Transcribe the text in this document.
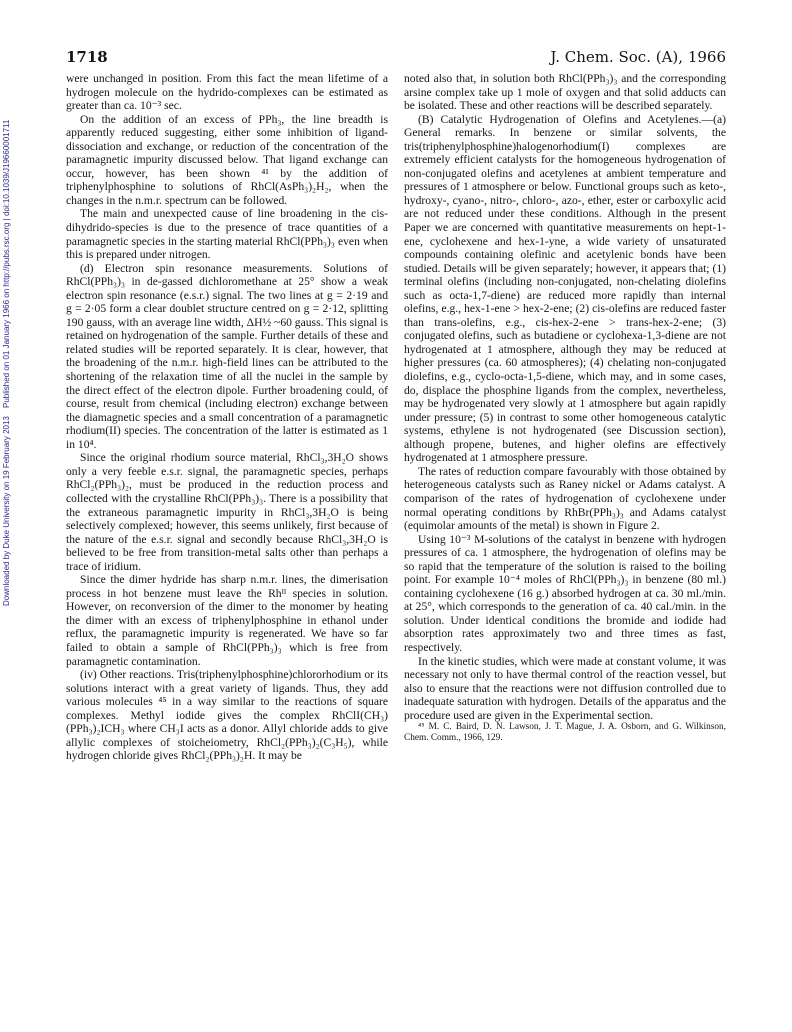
1718	J. Chem. Soc. (A), 1966
Downloaded by Duke University on 19 February 2013
Published on 01 January 1966 on http://pubs.rsc.org | doi:10.1039/J19660001711

were unchanged in position. From this fact the mean lifetime of a hydrogen molecule on the hydrido-complexes can be estimated as greater than ca. 10⁻³ sec.

On the addition of an excess of PPh₃, the line breadth is apparently reduced suggesting, either some inhibition of ligand-dissociation and exchange, or reduction of the concentration of the paramagnetic impurity discussed below. That ligand exchange can occur, however, has been shown ⁴¹ by the addition of triphenylphosphine to solutions of RhCl(AsPh₃)₂H₂, when the changes in the n.m.r. spectrum can be followed.

The main and unexpected cause of line broadening in the cis-dihydrido-species is due to the presence of trace quantities of a paramagnetic species in the starting material RhCl(PPh₃)₃ even when this is prepared under nitrogen.

(d) Electron spin resonance measurements. Solutions of RhCl(PPh₃)₃ in de-gassed dichloromethane at 25° show a weak electron spin resonance (e.s.r.) signal. The two lines at g = 2·19 and g = 2·05 form a clear doublet structure centred on g = 2·12, splitting 190 gauss, with an average line width, ΔH½ ~60 gauss. This signal is retained on hydrogenation of the sample. Further details of these and related studies will be reported separately. It is clear, however, that the broadening of the n.m.r. high-field lines can be attributed to the shortening of the relaxation time of all the nuclei in the sample by the direct effect of the electron dipole. Further broadening could, of course, result from chemical (including electron) exchange between the diamagnetic species and a small concentration of a paramagnetic rhodium(II) species. The concentration of the latter is estimated as 1 in 10⁴.

Since the original rhodium source material, RhCl₃,3H₂O shows only a very feeble e.s.r. signal, the paramagnetic species, perhaps RhCl₂(PPh₃)₂, must be produced in the reduction process and collected with the crystalline RhCl(PPh₃)₃. There is a possibility that the extraneous paramagnetic impurity in RhCl₃,3H₂O is being selectively complexed; however, this seems unlikely, first because of the nature of the e.s.r. signal and secondly because RhCl₃,3H₂O is believed to be free from transition-metal salts other than perhaps a trace of iridium.

Since the dimer hydride has sharp n.m.r. lines, the dimerisation process in hot benzene must leave the Rhᴵᴵ species in solution. However, on reconversion of the dimer to the monomer by heating the dimer with an excess of triphenylphosphine in ethanol under reflux, the paramagnetic impurity is regenerated. We have so far failed to obtain a sample of RhCl(PPh₃)₃ which is free from paramagnetic contamination.

(iv) Other reactions. Tris(triphenylphosphine)chlororhodium or its solutions interact with a great variety of ligands. Thus, they add various molecules ⁴⁵ in a way similar to the reactions of square complexes. Methyl iodide gives the complex RhClI(CH₃)(PPh₃)₂ICH₃ where CH₃I acts as a donor. Allyl chloride adds to give allylic complexes of stoicheiometry, RhCl₂(PPh₃)₂(C₃H₅), while hydrogen chloride gives RhCl₂(PPh₃)₂H. It may be

noted also that, in solution both RhCl(PPh₃)₃ and the corresponding arsine complex take up 1 mole of oxygen and that solid adducts can be isolated. These and other reactions will be described separately.

(B) Catalytic Hydrogenation of Olefins and Acetylenes.—(a) General remarks. In benzene or similar solvents, the tris(triphenylphosphine)halogenorhodium(I) complexes are extremely efficient catalysts for the homogeneous hydrogenation of non-conjugated olefins and acetylenes at ambient temperature and pressures of 1 atmosphere or below. Functional groups such as keto-, hydroxy-, cyano-, nitro-, chloro-, azo-, ether, ester or carboxylic acid are not reduced under these conditions. Although in the present Paper we are concerned with quantitative measurements on hept-1-ene, cyclohexene and hex-1-yne, a wide variety of unsaturated compounds containing olefinic and acetylenic bonds have been studied. Details will be given separately; however, it appears that; (1) terminal olefins (including non-conjugated, non-chelating diolefins such as octa-1,7-diene) are reduced more rapidly than internal olefins, e.g., hex-1-ene > hex-2-ene; (2) cis-olefins are reduced faster than trans-olefins, e.g., cis-hex-2-ene > trans-hex-2-ene; (3) conjugated olefins, such as butadiene or cyclohexa-1,3-diene are not hydrogenated at 1 atmosphere, although they may be reduced at higher pressures (ca. 60 atmospheres); (4) chelating non-conjugated diolefins, e.g., cyclo-octa-1,5-diene, which may, and in some cases, do, displace the phosphine ligands from the complex, nevertheless, may be hydrogenated very slowly at 1 atmosphere but again rapidly under pressure; (5) in contrast to some other homogeneous catalytic systems, ethylene is not hydrogenated (see Discussion section), although propene, butenes, and higher olefins are effectively hydrogenated at 1 atmosphere pressure.

The rates of reduction compare favourably with those obtained by heterogeneous catalysts such as Raney nickel or Adams catalyst. A comparison of the rates of hydrogenation of cyclohexene under normal operating conditions by RhBr(PPh₃)₃ and Adams catalyst (equimolar amounts of the metal) is shown in Figure 2.

Using 10⁻³ M-solutions of the catalyst in benzene with hydrogen pressures of ca. 1 atmosphere, the hydrogenation of olefins may be so rapid that the temperature of the solution is raised to the boiling point. For example 10⁻⁴ moles of RhCl(PPh₃)₃ in benzene (80 ml.) containing cyclohexene (16 g.) absorbed hydrogen at ca. 30 ml./min. at 25°, which corresponds to the generation of ca. 40 cal./min. in the solution. Under identical conditions the bromide and iodide had absorption rates approximately two and three times as fast, respectively.

In the kinetic studies, which were made at constant volume, it was necessary not only to have thermal control of the reaction vessel, but also to ensure that the reactions were not diffusion controlled due to inadequate saturation with hydrogen. Details of the apparatus and the procedure used are given in the Experimental section.

⁴⁵ M. C. Baird, D. N. Lawson, J. T. Mague, J. A. Osborn, and G. Wilkinson, Chem. Comm., 1966, 129.
